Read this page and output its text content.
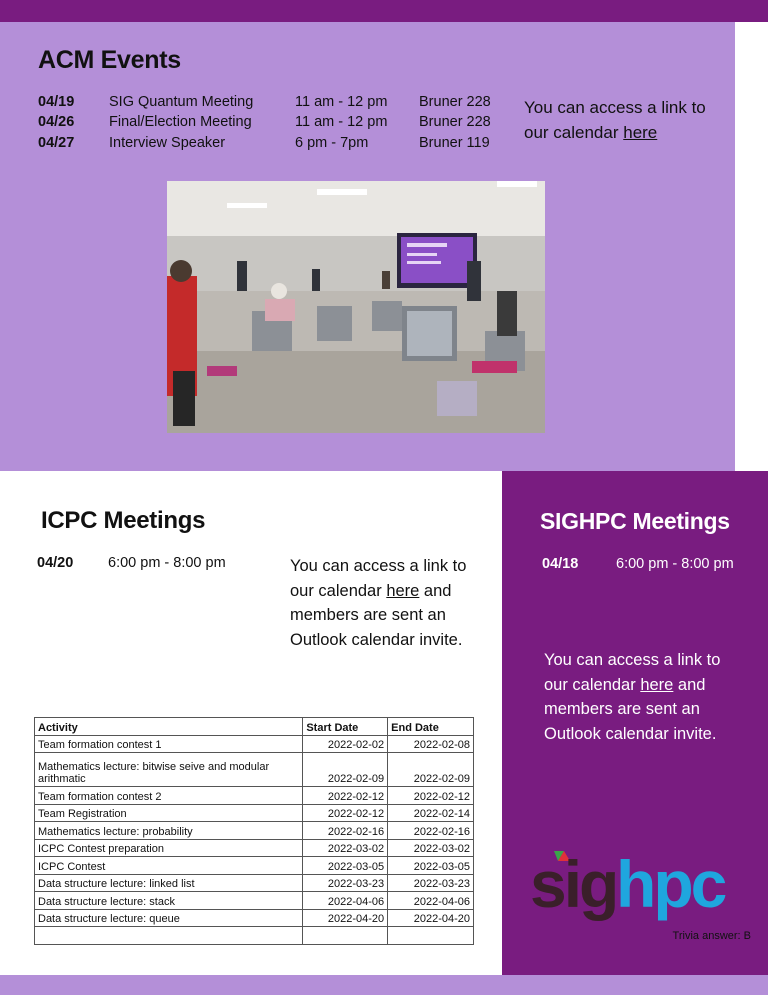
ACM Events
04/19 SIG Quantum Meeting	11 am - 12 pm Bruner 228
04/26 Final/Election Meeting	11 am - 12 pm Bruner 228
04/27 Interview Speaker	6 pm - 7pm	Bruner 119

You can access a link to our calendar here

ICPC Meetings
04/20 6:00 pm - 8:00 pm	You can access a link to our calendar here and members are sent an Outlook calendar invite.

Activity	Start Date	End Date
Team formation contest 1	2022-02-02	2022-02-08
Mathematics lecture: bitwise seive and modular arithmatic	2022-02-09	2022-02-09
Team formation contest 2	2022-02-12	2022-02-12
Team Registration	2022-02-12	2022-02-14
Mathematics lecture: probability	2022-02-16	2022-02-16
ICPC Contest preparation	2022-03-02	2022-03-02
ICPC Contest	2022-03-05	2022-03-05
Data structure lecture: linked list	2022-03-23	2022-03-23
Data structure lecture: stack	2022-04-06	2022-04-06
Data structure lecture: queue	2022-04-20	2022-04-20

SIGHPC Meetings
04/18	6:00 pm - 8:00 pm

You can access a link to our calendar here and members are sent an Outlook calendar invite.

sig hpc
Trivia answer: B
